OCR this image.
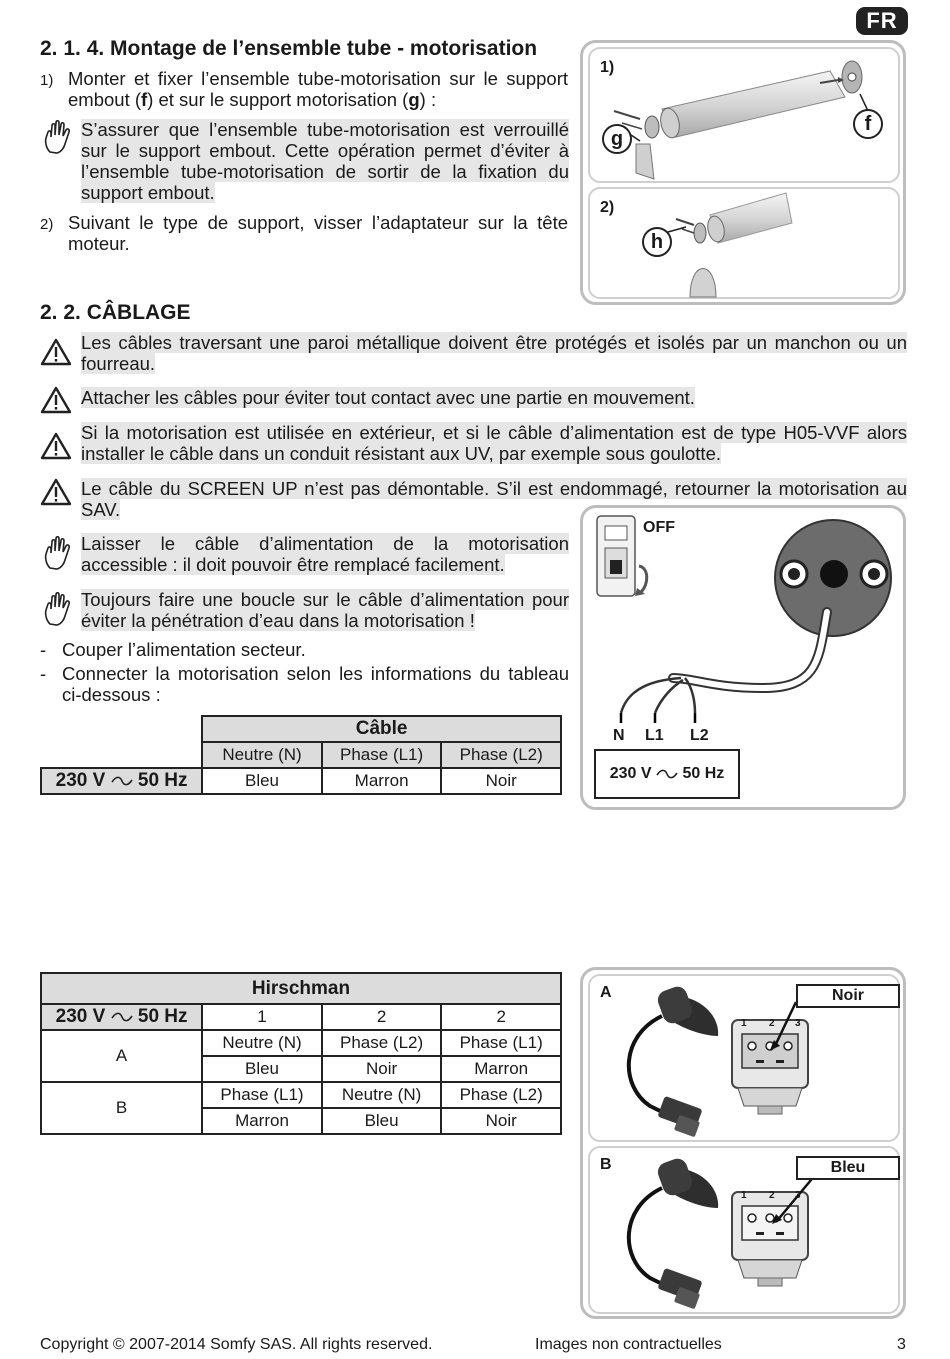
FR
2. 1. 4. Montage de l’ensemble tube - motorisation
1) Monter et fixer l’ensemble tube-motorisation sur le support embout (f) et sur le support motorisation (g) :
S’assurer que l’ensemble tube-motorisation est verrouillé sur le support embout. Cette opération permet d’éviter à l’ensemble tube-motorisation de sortir de la fixation du support embout.
2) Suivant le type de support, visser l’adaptateur sur la tête moteur.
1)
f
g
2)
h
2. 2. CÂBLAGE
Les câbles traversant une paroi métallique doivent être protégés et isolés par un manchon ou un fourreau.
Attacher les câbles pour éviter tout contact avec une partie en mouvement.
Si la motorisation est utilisée en extérieur, et si le câble d’alimentation est de type H05-VVF alors installer le câble dans un conduit résistant aux UV, par exemple sous goulotte.
Le câble du SCREEN UP n’est pas démontable. S’il est endommagé, retourner la motorisation au SAV.
Laisser le câble d’alimentation de la motorisation accessible : il doit pouvoir être remplacé facilement.
Toujours faire une boucle sur le câble d’alimentation pour éviter la pénétration d’eau dans la motorisation !
- Couper l’alimentation secteur.
- Connecter la motorisation selon les informations du tableau ci-dessous :
	Câble		
	Neutre (N)	Phase (L1)	Phase (L2)
230 V 50 Hz	Bleu	Marron	Noir
OFF
N L1 L2
230 V 50 Hz
Hirschman			
230 V 50 Hz	1	2	2
A	Neutre (N)	Phase (L2)	Phase (L1)
	Bleu	Noir	Marron
B	Phase (L1)	Neutre (N)	Phase (L2)
	Marron	Bleu	Noir
A
1 2 3
Noir
B
1 2 3
Bleu
Copyright © 2007-2014 Somfy SAS. All rights reserved.	Images non contractuelles	3
